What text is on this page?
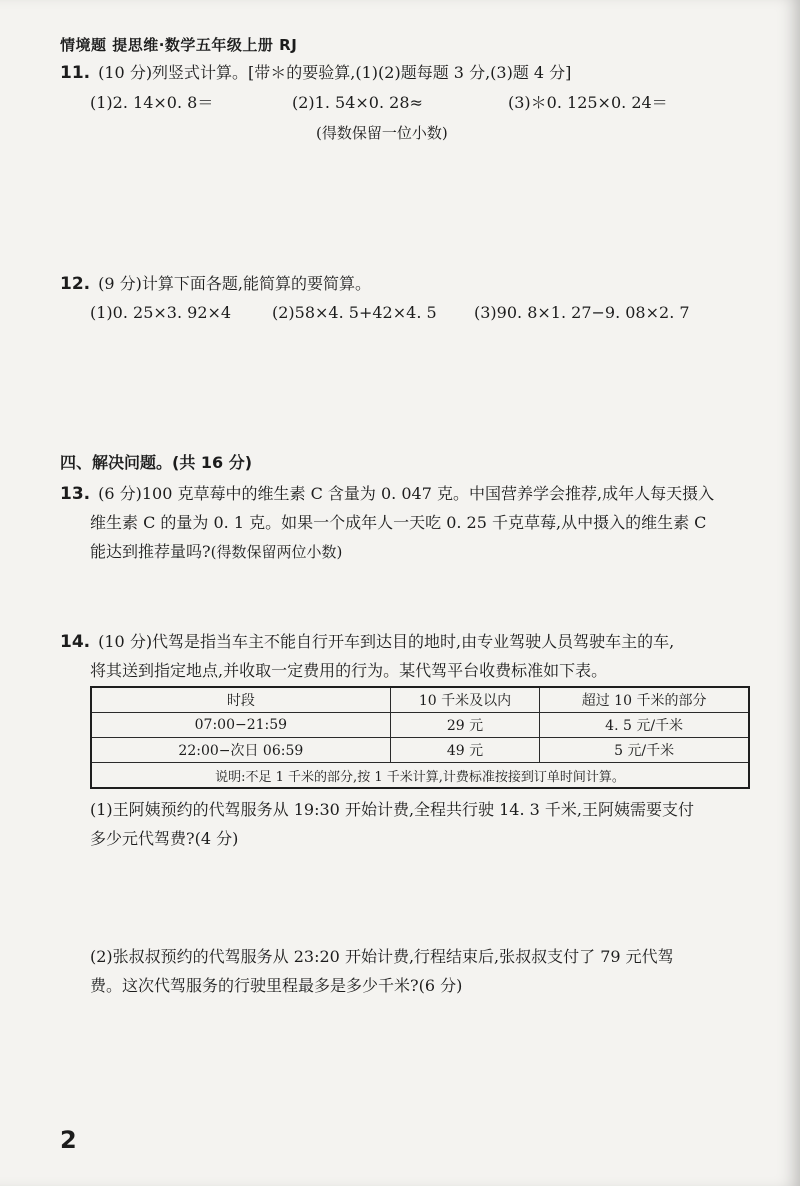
情境题 提思维·数学五年级上册 RJ
11. (10 分)列竖式计算。[带＊的要验算,(1)(2)题每题 3 分,(3)题 4 分]
(1)2. 14×0. 8＝	(2)1. 54×0. 28≈	(3)＊0. 125×0. 24＝
(得数保留一位小数)
12. (9 分)计算下面各题,能简算的要简算。
(1)0. 25×3. 92×4	(2)58×4. 5+42×4. 5 (3)90. 8×1. 27−9. 08×2. 7
四、解决问题。(共 16 分)
13. (6 分)100 克草莓中的维生素 C 含量为 0. 047 克。中国营养学会推荐,成年人每天摄入
维生素 C 的量为 0. 1 克。如果一个成年人一天吃 0. 25 千克草莓,从中摄入的维生素 C
能达到推荐量吗?(得数保留两位小数)
14. (10 分)代驾是指当车主不能自行开车到达目的地时,由专业驾驶人员驾驶车主的车,
将其送到指定地点,并收取一定费用的行为。某代驾平台收费标准如下表。
时段	10 千米及以内	超过 10 千米的部分
07:00−21:59	29 元	4. 5 元/千米
22:00−次日 06:59	49 元	5 元/千米
说明:不足 1 千米的部分,按 1 千米计算,计费标准按接到订单时间计算。		
(1)王阿姨预约的代驾服务从 19:30 开始计费,全程共行驶 14. 3 千米,王阿姨需要支付
多少元代驾费?(4 分)
(2)张叔叔预约的代驾服务从 23:20 开始计费,行程结束后,张叔叔支付了 79 元代驾
费。这次代驾服务的行驶里程最多是多少千米?(6 分)
2
